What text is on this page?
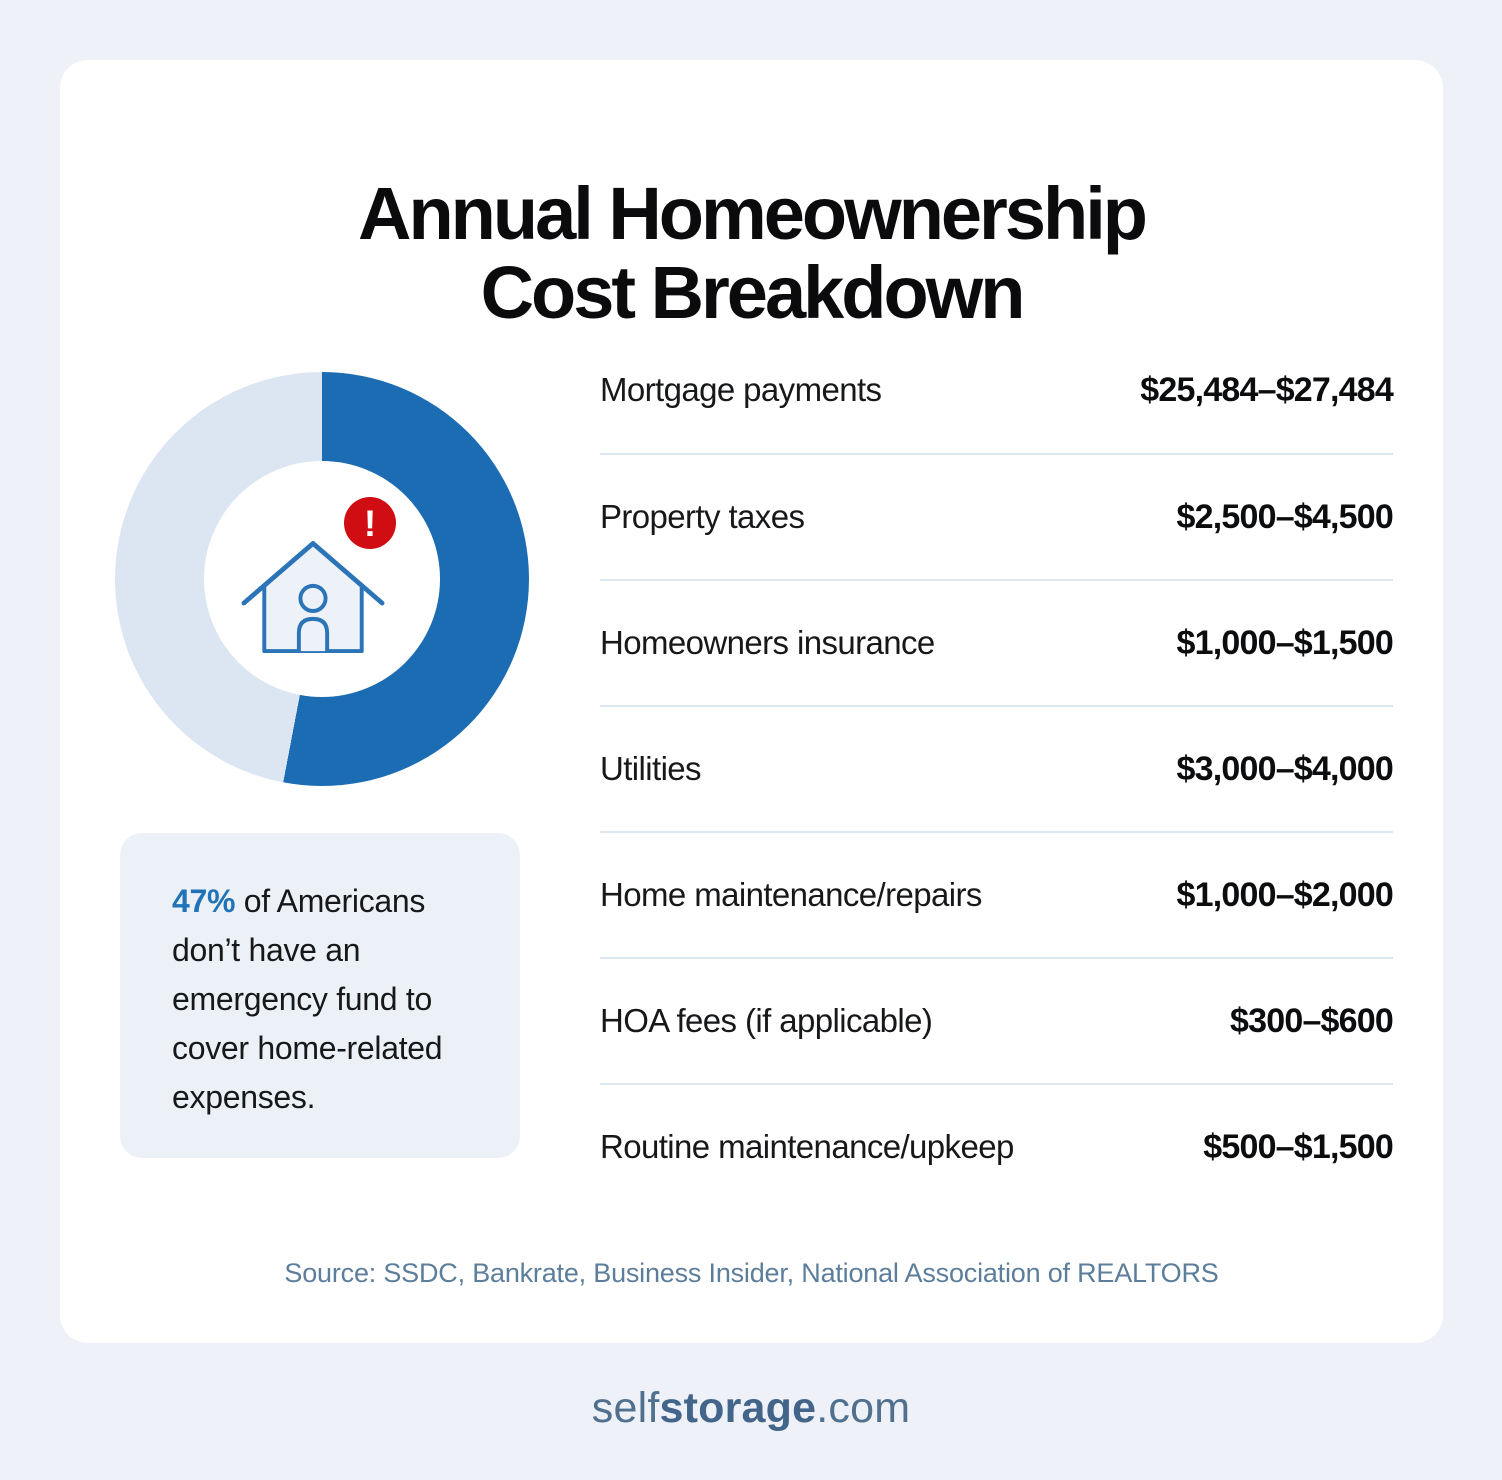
Annual Homeownership
Cost Breakdown
!
47% of Americans don’t have an emergency fund to cover home-related expenses.
Mortgage payments	$25,484–$27,484
Property taxes	$2,500–$4,500
Homeowners insurance	$1,000–$1,500
Utilities	$3,000–$4,000
Home maintenance/repairs	$1,000–$2,000
HOA fees (if applicable)	$300–$600
Routine maintenance/upkeep	$500–$1,500
Source: SSDC, Bankrate, Business Insider, National Association of REALTORS
selfstorage.com
